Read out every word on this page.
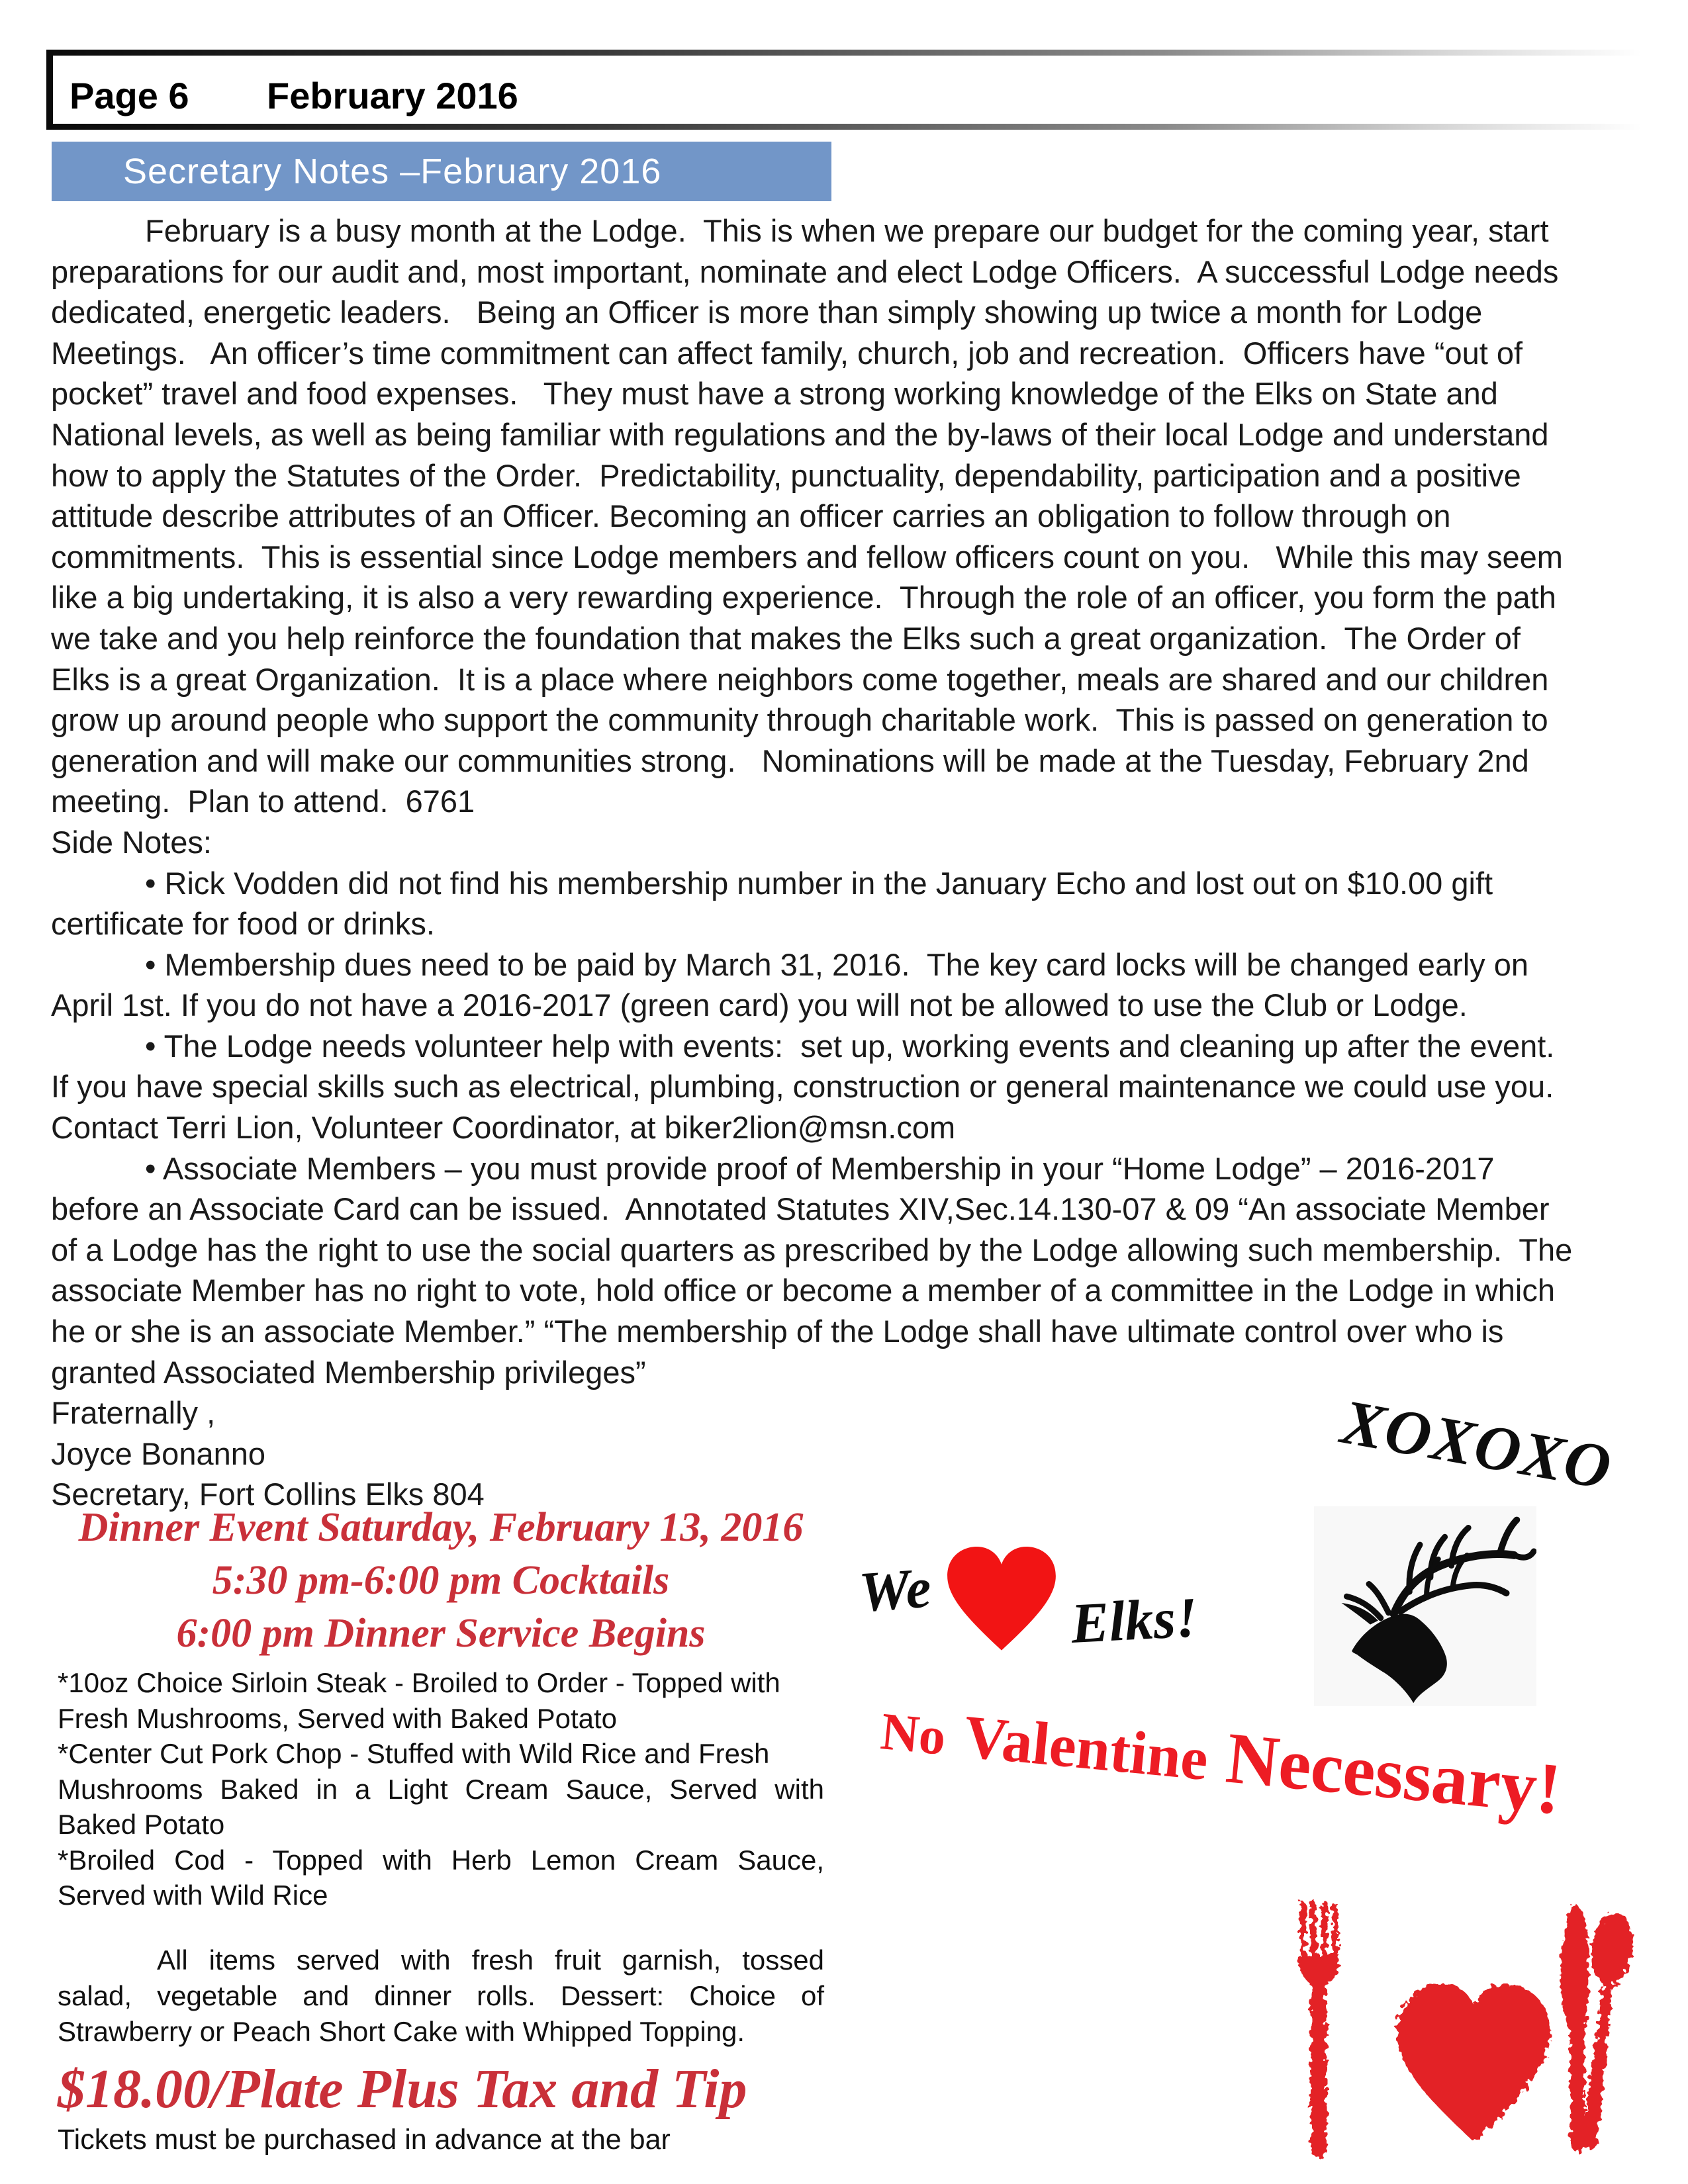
Page 6 February 2016
Secretary Notes –February 2016
February is a busy month at the Lodge.  This is when we prepare our budget for the coming year, start
preparations for our audit and, most important, nominate and elect Lodge Officers.  A successful Lodge needs
dedicated, energetic leaders.   Being an Officer is more than simply showing up twice a month for Lodge
Meetings.   An officer’s time commitment can affect family, church, job and recreation.  Officers have “out of
pocket” travel and food expenses.   They must have a strong working knowledge of the Elks on State and
National levels, as well as being familiar with regulations and the by-laws of their local Lodge and understand
how to apply the Statutes of the Order.  Predictability, punctuality, dependability, participation and a positive
attitude describe attributes of an Officer. Becoming an officer carries an obligation to follow through on
commitments.  This is essential since Lodge members and fellow officers count on you.   While this may seem
like a big undertaking, it is also a very rewarding experience.  Through the role of an officer, you form the path
we take and you help reinforce the foundation that makes the Elks such a great organization.  The Order of
Elks is a great Organization.  It is a place where neighbors come together, meals are shared and our children
grow up around people who support the community through charitable work.  This is passed on generation to
generation and will make our communities strong.   Nominations will be made at the Tuesday, February 2nd
meeting.  Plan to attend.  6761
Side Notes:
• Rick Vodden did not find his membership number in the January Echo and lost out on $10.00 gift
certificate for food or drinks.
• Membership dues need to be paid by March 31, 2016.  The key card locks will be changed early on
April 1st. If you do not have a 2016-2017 (green card) you will not be allowed to use the Club or Lodge.
• The Lodge needs volunteer help with events:  set up, working events and cleaning up after the event.
If you have special skills such as electrical, plumbing, construction or general maintenance we could use you.
Contact Terri Lion, Volunteer Coordinator, at biker2lion@msn.com
• Associate Members – you must provide proof of Membership in your “Home Lodge” – 2016-2017
before an Associate Card can be issued.  Annotated Statutes XIV,Sec.14.130-07 & 09 “An associate Member
of a Lodge has the right to use the social quarters as prescribed by the Lodge allowing such membership.  The
associate Member has no right to vote, hold office or become a member of a committee in the Lodge in which
he or she is an associate Member.” “The membership of the Lodge shall have ultimate control over who is
granted Associated Membership privileges”
Fraternally ,
Joyce Bonanno
Secretary, Fort Collins Elks 804
Dinner Event Saturday, February 13, 2016
5:30 pm-6:00 pm Cocktails
6:00 pm Dinner Service Begins
*10oz Choice Sirloin Steak - Broiled to Order - Topped with
Fresh Mushrooms, Served with Baked Potato
*Center Cut Pork Chop - Stuffed with Wild Rice and Fresh
Mushrooms Baked in a Light Cream Sauce, Served with
Baked Potato
*Broiled Cod - Topped with Herb Lemon Cream Sauce,
Served with Wild Rice
All items served with fresh fruit garnish, tossed
salad, vegetable and dinner rolls. Dessert: Choice of
Strawberry or Peach Short Cake with Whipped Topping.
$18.00/Plate Plus Tax and Tip
Tickets must be purchased in advance at the bar
XOXOXO
We Elks!
No Valentine Necessary!
